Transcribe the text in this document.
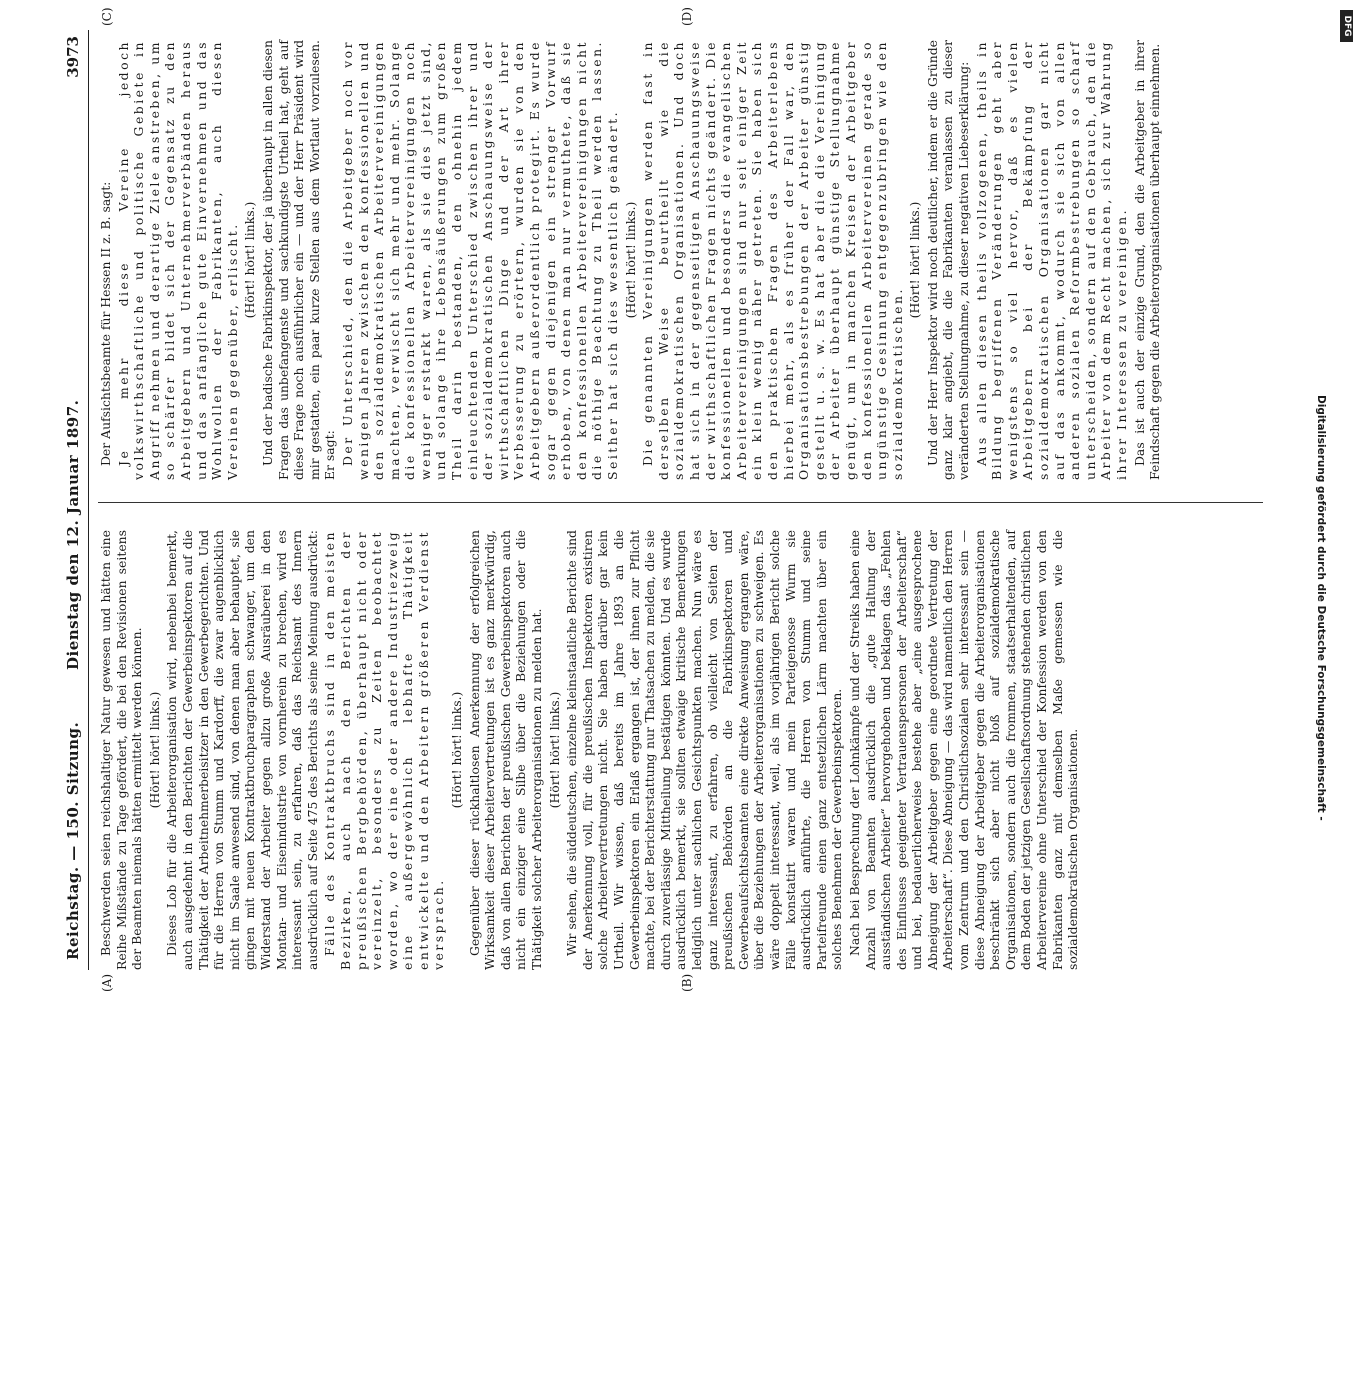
Reichstag. — 150. Sitzung.
Dienstag den 12. Januar 1897.
3973
(A)	(B)
(C)	(D)

Beschwerden seien reichshaltiger Natur gewesen und hätten eine Reihe Mißstände zu Tage gefördert, die bei den Revisionen seitens der Beamten niemals hätten ermittelt werden können. (Hört! hört! links.) Dieses Lob für die Arbeiterorganisation wird, nebenbei bemerkt, auch ausgedehnt in den Berichten der Gewerbeinspektoren auf die Thätigkeit der Arbeitnehmerbeisitzer in den Gewerbegerichten. Und für die Herren von Stumm und Kardorff, die zwar augenblicklich nicht im Saale anwesend sind, von denen man aber behauptet, sie gingen mit neuen Kontraktbruchparagraphen schwanger, um den Widerstand der Arbeiter gegen allzu große Ausräuberei in den Montan- und Eisenindustrie von vornherein zu brechen, wird es interessant sein, zu erfahren, daß das Reichsamt des Innern ausdrücklich auf Seite 475 des Berichts als seine Meinung ausdrückt: Fälle des Kontraktbruchs sind in den meisten Bezirken, auch nach den Berichten der preußischen Bergbehörden, überhaupt nicht oder vereinzelt, besonders zu Zeiten beobachtet worden, wo der eine oder andere Industriezweig eine außergewöhnlich lebhafte Thätigkeit entwickelte und den Arbeitern größeren Verdienst versprach.

(Hört! hört! links.) Gegenüber dieser rückhaltlosen Anerkennung der erfolgreichen Wirksamkeit dieser Arbeitervertretungen ist es ganz merkwürdig, daß von allen Berichten der preußischen Gewerbeinspektoren auch nicht ein einziger eine Silbe über die Beziehungen oder die Thätigkeit solcher Arbeiterorganisationen zu melden hat. (Hört! hört! links.) Wir sehen, die süddeutschen, einzelne kleinstaatliche Berichte sind der Anerkennung voll, für die preußischen Inspektoren existiren solche Arbeitervertretungen nicht. Sie haben darüber gar kein Urtheil. Wir wissen, daß bereits im Jahre 1893 an die Gewerbeinspektoren ein Erlaß ergangen ist, der ihnen zur Pflicht machte, bei der Berichterstattung nur Thatsachen zu melden, die sie durch zuverlässige Mittheilung bestätigen könnten. Und es wurde ausdrücklich bemerkt, sie sollten etwaige kritische Bemerkungen lediglich unter sachlichen Gesichtspunkten machen. Nun wäre es ganz interessant, zu erfahren, ob vielleicht von Seiten der preußischen Behörden an die Fabrikinspektoren und Gewerbeaufsichtsbeamten eine direkte Anweisung ergangen wäre, über die Beziehungen der Arbeiterorganisationen zu schweigen. Es wäre doppelt interessant, weil, als im vorjährigen Bericht solche Fälle konstatirt waren und mein Parteigenosse Wurm sie ausdrücklich anführte, die Herren von Stumm und seine Parteifreunde einen ganz entsetzlichen Lärm machten über ein solches Benehmen der Gewerbeinspektoren. Nach bei Besprechung der Lohnkämpfe und der Streiks haben eine Anzahl von Beamten ausdrücklich die „gute Haltung der ausständischen Arbeiter“ hervorgehoben und beklagen das „Fehlen des Einflusses geeigneter Vertrauenspersonen der Arbeiterschaft“ und bei, bedauerlicherweise bestehe aber „eine ausgesprochene Abneigung der Arbeitgeber gegen eine geordnete Vertretung der Arbeiterschaft“. Diese Abneigung — das wird namentlich den Herren vom Zentrum und den Christlichsozialen sehr interessant sein — diese Abneigung der Arbeitgeber gegen die Arbeiterorganisationen beschränkt sich aber nicht bloß auf sozialdemokratische Organisationen, sondern auch die frommen, staatserhaltenden, auf dem Boden der jetzigen Gesellschaftsordnung stehenden christlichen Arbeitervereine ohne Unterschied der Konfession werden von den Fabrikanten ganz mit demselben Maße gemessen wie die sozialdemokratischen Organisationen.

Der Aufsichtsbeamte für Hessen II z. B. sagt: Je mehr diese Vereine jedoch volkswirthschaftliche und politische Gebiete in Angriff nehmen und derartige Ziele anstreben, um so schärfer bildet sich der Gegensatz zu den Arbeitgebern und Unternehmerverbänden heraus und das anfängliche gute Einvernehmen und das Wohlwollen der Fabrikanten, auch diesen Vereinen gegenüber, erlischt. (Hört! hört! links.) Und der badische Fabrikinspektor, der ja überhaupt in allen diesen Fragen das unbefangenste und sachkundigste Urtheil hat, geht auf diese Frage noch ausführlicher ein — und der Herr Präsident wird mir gestatten, ein paar kurze Stellen aus dem Wortlaut vorzulesen. Er sagt: Der Unterschied, den die Arbeitgeber noch vor wenigen Jahren zwischen den konfessionellen und den sozialdemokratischen Arbeitervereinigungen machten, verwischt sich mehr und mehr. Solange die konfessionellen Arbeitervereinigungen noch weniger erstarkt waren, als sie dies jetzt sind, und solange ihre Lebensäußerungen zum großen Theil darin bestanden, den ohnehin jedem einleuchtenden Unterschied zwischen ihrer und der sozialdemokratischen Anschauungsweise der wirthschaftlichen Dinge und der Art ihrer Verbesserung zu erörtern, wurden sie von den Arbeitgebern außerordentlich protegirt. Es wurde sogar gegen diejenigen ein strenger Vorwurf erhoben, von denen man nur vermuthete, daß sie den konfessionellen Arbeitervereinigungen nicht die nöthige Beachtung zu Theil werden lassen. Seither hat sich dies wesentlich geändert. (Hört! hört! links.) Die genannten Vereinigungen werden fast in derselben Weise beurtheilt wie die sozialdemokratischen Organisationen. Und doch hat sich in der gegenseitigen Anschauungsweise der wirthschaftlichen Fragen nichts geändert. Die konfessionellen und besonders die evangelischen Arbeitervereinigungen sind nur seit einiger Zeit ein klein wenig näher getreten. Sie haben sich den praktischen Fragen des Arbeiterlebens hierbei mehr, als es früher der Fall war, den Organisationsbestrebungen der Arbeiter günstig gestellt u. s. w. Es hat aber die die Vereinigung der Arbeiter überhaupt günstige Stellungnahme genügt, um in manchen Kreisen der Arbeitgeber den konfessionellen Arbeitervereinen gerade so ungünstige Gesinnung entgegenzubringen wie den sozialdemokratischen.

(Hört! hört! links.) Und der Herr Inspektor wird noch deutlicher, indem er die Gründe ganz klar angiebt, die die Fabrikanten veranlassen zu dieser veränderten Stellungnahme, zu dieser negativen Liebeserklärung: Aus allen diesen theils vollzogenen, theils in Bildung begriffenen Veränderungen geht aber wenigstens so viel hervor, daß es vielen Arbeitgebern bei der Bekämpfung der sozialdemokratischen Organisationen gar nicht auf das ankommt, wodurch sie sich von allen anderen sozialen Reformbestrebungen so scharf unterscheiden, sondern auf den Gebrauch, den die Arbeiter von dem Recht machen, sich zur Wahrung ihrer Interessen zu vereinigen. Das ist auch der einzige Grund, den die Arbeitgeber in ihrer Feindschaft gegen die Arbeiterorganisationen überhaupt einnehmen.

Digitalisierung gefördert durch die Deutsche Forschungsgemeinschaft -
DFG
